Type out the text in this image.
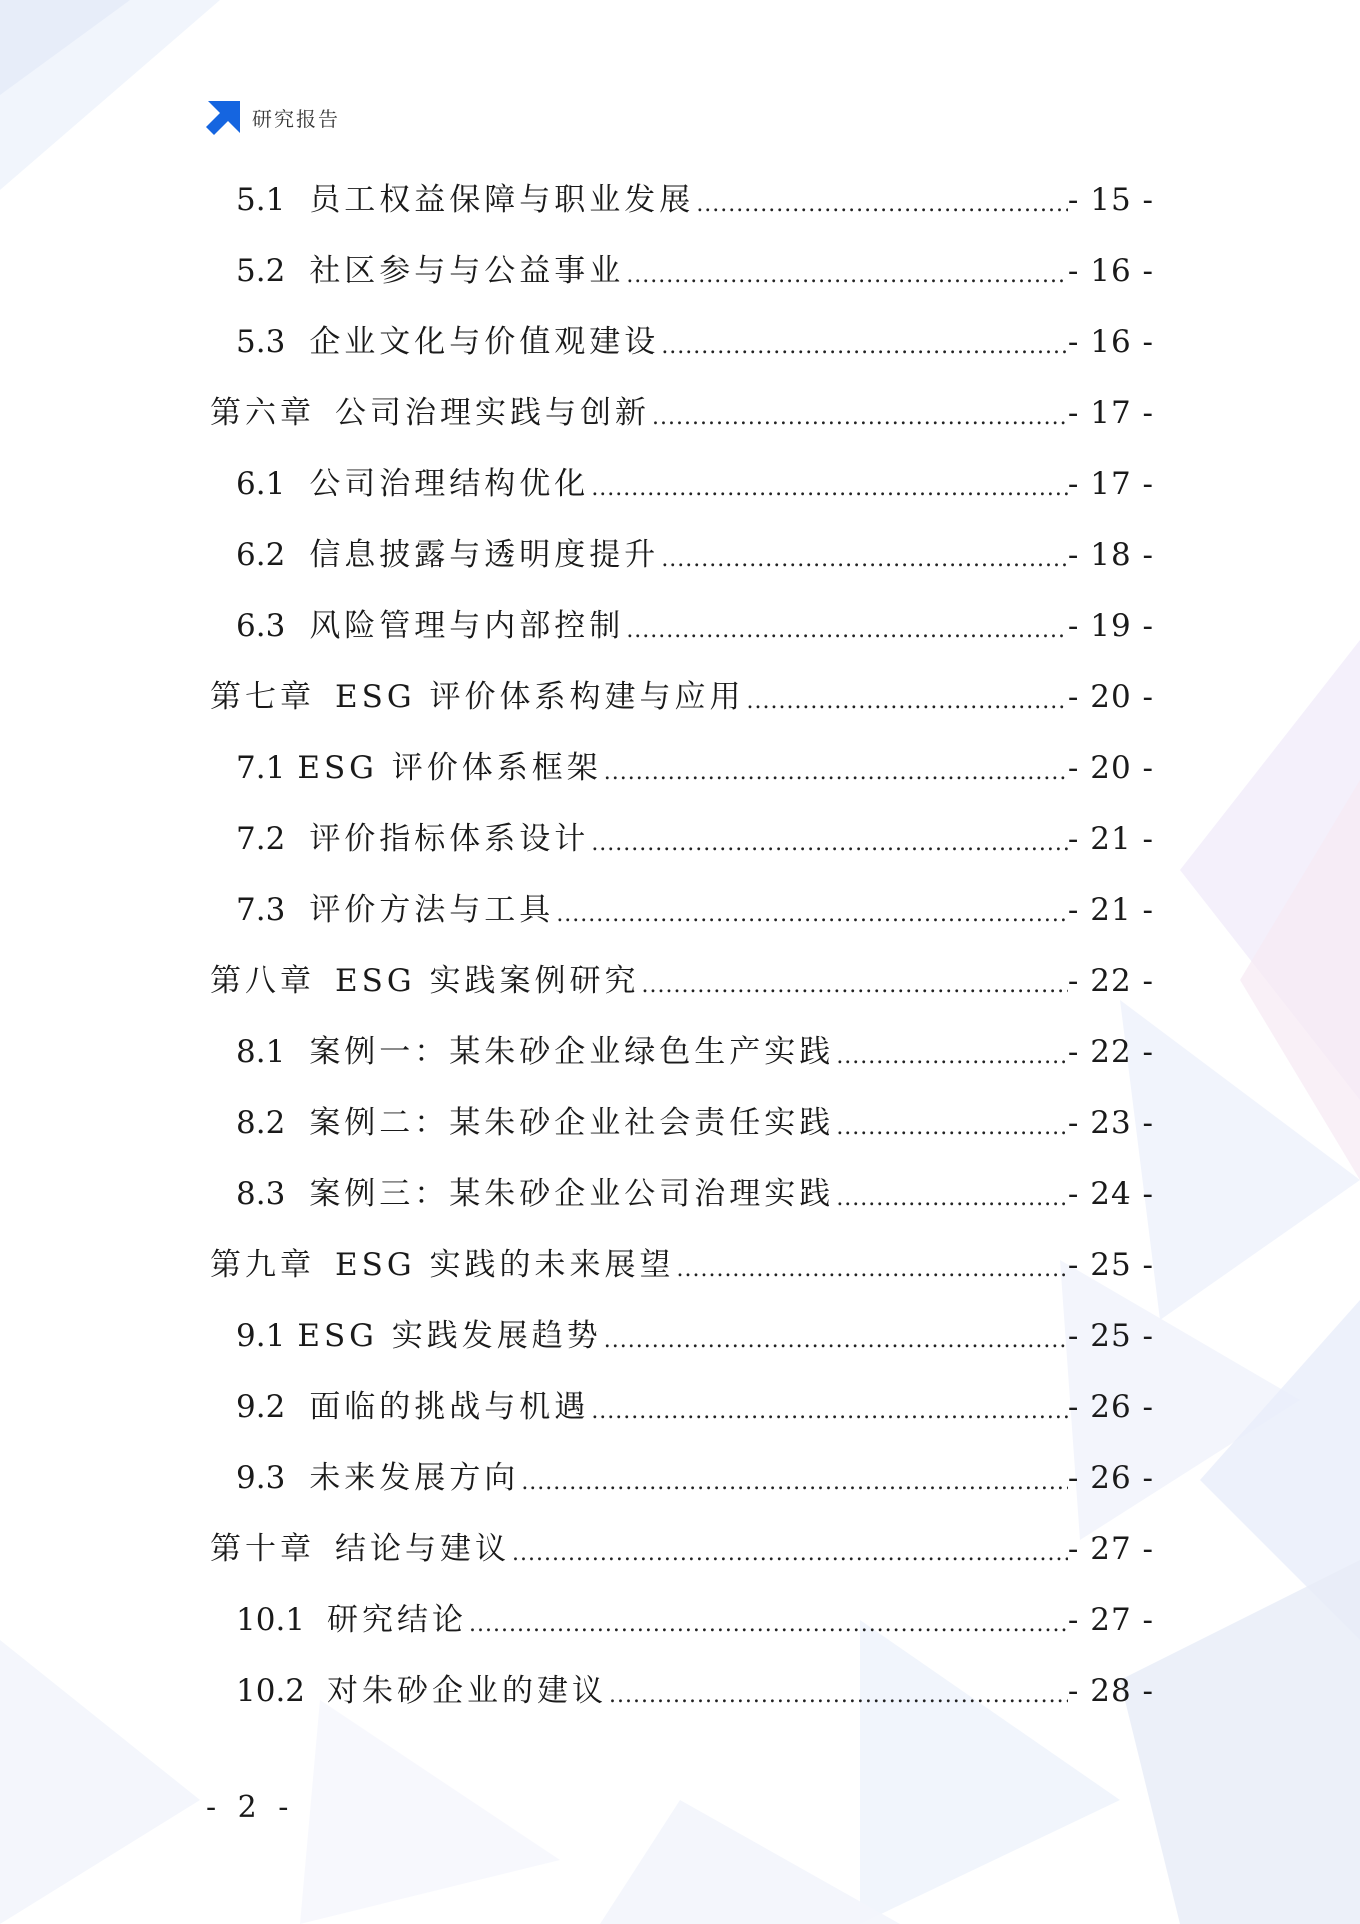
研究报告
5.1 员工权益保障与职业发展 .....	- 15 -
5.2 社区参与与公益事业 .....	- 16 -
5.3 企业文化与价值观建设 .....	- 16 -
第六章 公司治理实践与创新 .....	- 17 -
6.1 公司治理结构优化 .....	- 17 -
6.2 信息披露与透明度提升 .....	- 18 -
6.3 风险管理与内部控制 .....	- 19 -
第七章 ESG 评价体系构建与应用 .....	- 20 -
7.1 ESG 评价体系框架 .....	- 20 -
7.2 评价指标体系设计 .....	- 21 -
7.3 评价方法与工具 .....	- 21 -
第八章 ESG 实践案例研究 .....	- 22 -
8.1 案例一：某朱砂企业绿色生产实践 .....	- 22 -
8.2 案例二：某朱砂企业社会责任实践 .....	- 23 -
8.3 案例三：某朱砂企业公司治理实践 .....	- 24 -
第九章 ESG 实践的未来展望 .....	- 25 -
9.1 ESG 实践发展趋势 .....	- 25 -
9.2 面临的挑战与机遇 .....	- 26 -
9.3 未来发展方向 .....	- 26 -
第十章 结论与建议 .....	- 27 -
10.1 研究结论 .....	- 27 -
10.2 对朱砂企业的建议 .....	- 28 -
- 2 -
